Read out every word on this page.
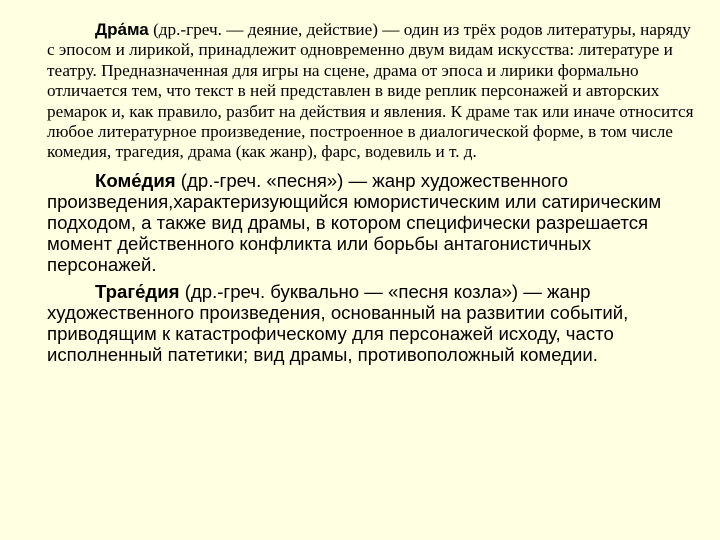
Дра́ма (др.-греч. — деяние, действие) — один из трёх родов литературы, наряду с эпосом и лирикой, принадлежит одновременно двум видам искусства: литературе и театру. Предназначенная для игры на сцене, драма от эпоса и лирики формально отличается тем, что текст в ней представлен в виде реплик персонажей и авторских ремарок и, как правило, разбит на действия и явления. К драме так или иначе относится любое литературное произведение, построенное в диалогической форме, в том числе комедия, трагедия, драма (как жанр), фарс, водевиль и т. д.

Коме́дия (др.-греч. «песня») — жанр художественного произведения,характеризующийся юмористическим или сатирическим подходом, а также вид драмы, в котором специфически разрешается момент действенного конфликта или борьбы антагонистичных персонажей.

Траге́дия (др.-греч. буквально — «песня козла») — жанр художественного произведения, основанный на развитии событий, приводящим к катастрофическому для персонажей исходу, часто исполненный патетики; вид драмы, противоположный комедии.
